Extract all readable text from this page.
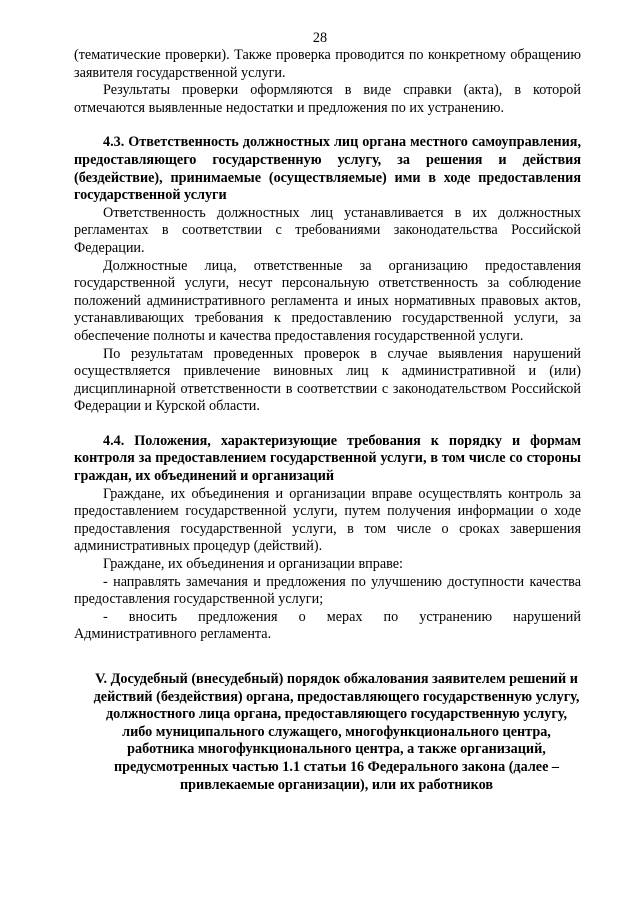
28

(тематические проверки). Также проверка проводится по конкретному обращению заявителя государственной услуги.

Результаты проверки оформляются в виде справки (акта), в которой отмечаются выявленные недостатки и предложения по их устранению.

4.3. Ответственность должностных лиц органа местного самоуправления, предоставляющего государственную услугу, за решения и действия (бездействие), принимаемые (осуществляемые) ими в ходе предоставления государственной услуги

Ответственность должностных лиц устанавливается в их должностных регламентах в соответствии с требованиями законодательства Российской Федерации.

Должностные лица, ответственные за организацию предоставления государственной услуги, несут персональную ответственность за соблюдение положений административного регламента и иных нормативных правовых актов, устанавливающих требования к предоставлению государственной услуги, за обеспечение полноты и качества предоставления государственной услуги.

По результатам проведенных проверок в случае выявления нарушений осуществляется привлечение виновных лиц к административной и (или) дисциплинарной ответственности в соответствии с законодательством Российской Федерации и Курской области.

4.4. Положения, характеризующие требования к порядку и формам контроля за предоставлением государственной услуги, в том числе со стороны граждан, их объединений и организаций

Граждане, их объединения и организации вправе осуществлять контроль за предоставлением государственной услуги, путем получения информации о ходе предоставления государственной услуги, в том числе о сроках завершения административных процедур (действий).

Граждане, их объединения и организации вправе:

- направлять замечания и предложения по улучшению доступности качества предоставления государственной услуги;

- вносить предложения о мерах по устранению нарушений Административного регламента.

V. Досудебный (внесудебный) порядок обжалования заявителем решений и действий (бездействия) органа, предоставляющего государственную услугу, должностного лица органа, предоставляющего государственную услугу, либо муниципального служащего, многофункционального центра, работника многофункционального центра, а также организаций, предусмотренных частью 1.1 статьи 16 Федерального закона (далее – привлекаемые организации), или их работников
